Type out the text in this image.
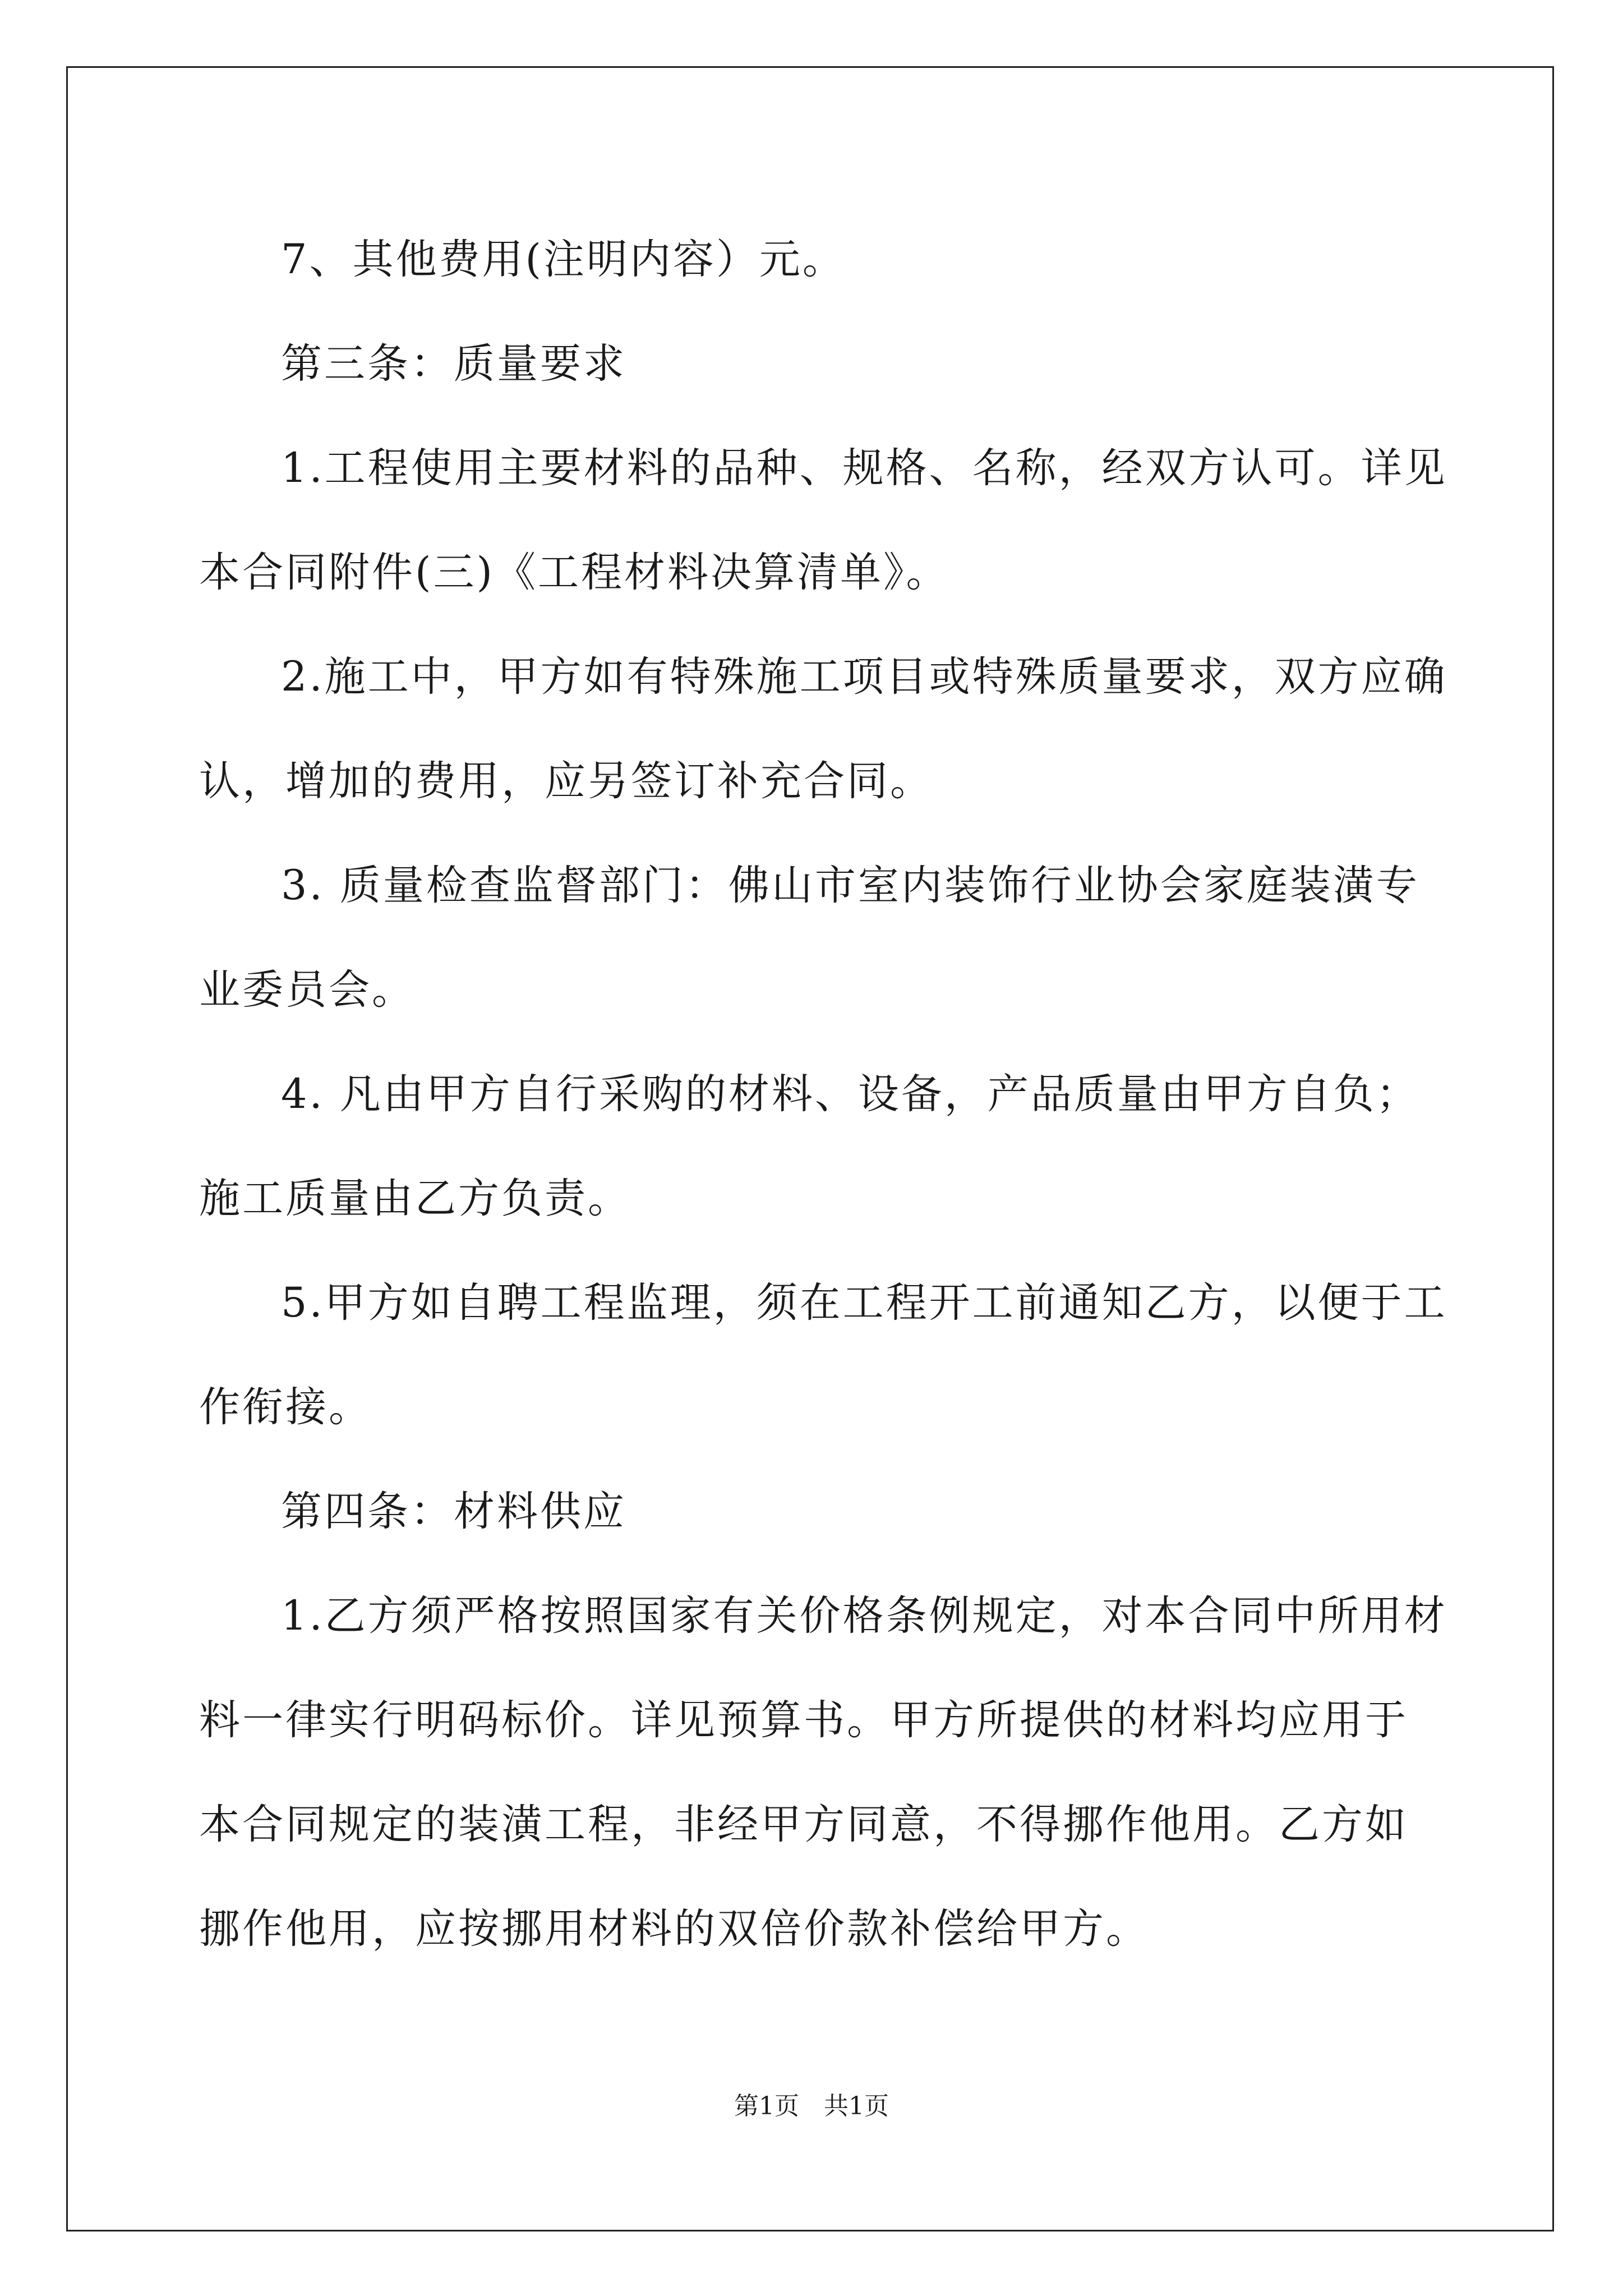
7、其他费用(注明内容）元。

第三条：质量要求

1.工程使用主要材料的品种、规格、名称，经双方认可。详见本合同附件(三)《工程材料决算清单》。

2.施工中，甲方如有特殊施工项目或特殊质量要求，双方应确认，增加的费用，应另签订补充合同。

3. 质量检查监督部门：佛山市室内装饰行业协会家庭装潢专业委员会。

4. 凡由甲方自行采购的材料、设备，产品质量由甲方自负；施工质量由乙方负责。

5.甲方如自聘工程监理，须在工程开工前通知乙方，以便于工作衔接。

第四条：材料供应

1.乙方须严格按照国家有关价格条例规定，对本合同中所用材料一律实行明码标价。详见预算书。甲方所提供的材料均应用于本合同规定的装潢工程，非经甲方同意，不得挪作他用。乙方如挪作他用，应按挪用材料的双倍价款补偿给甲方。

第1页　共1页
